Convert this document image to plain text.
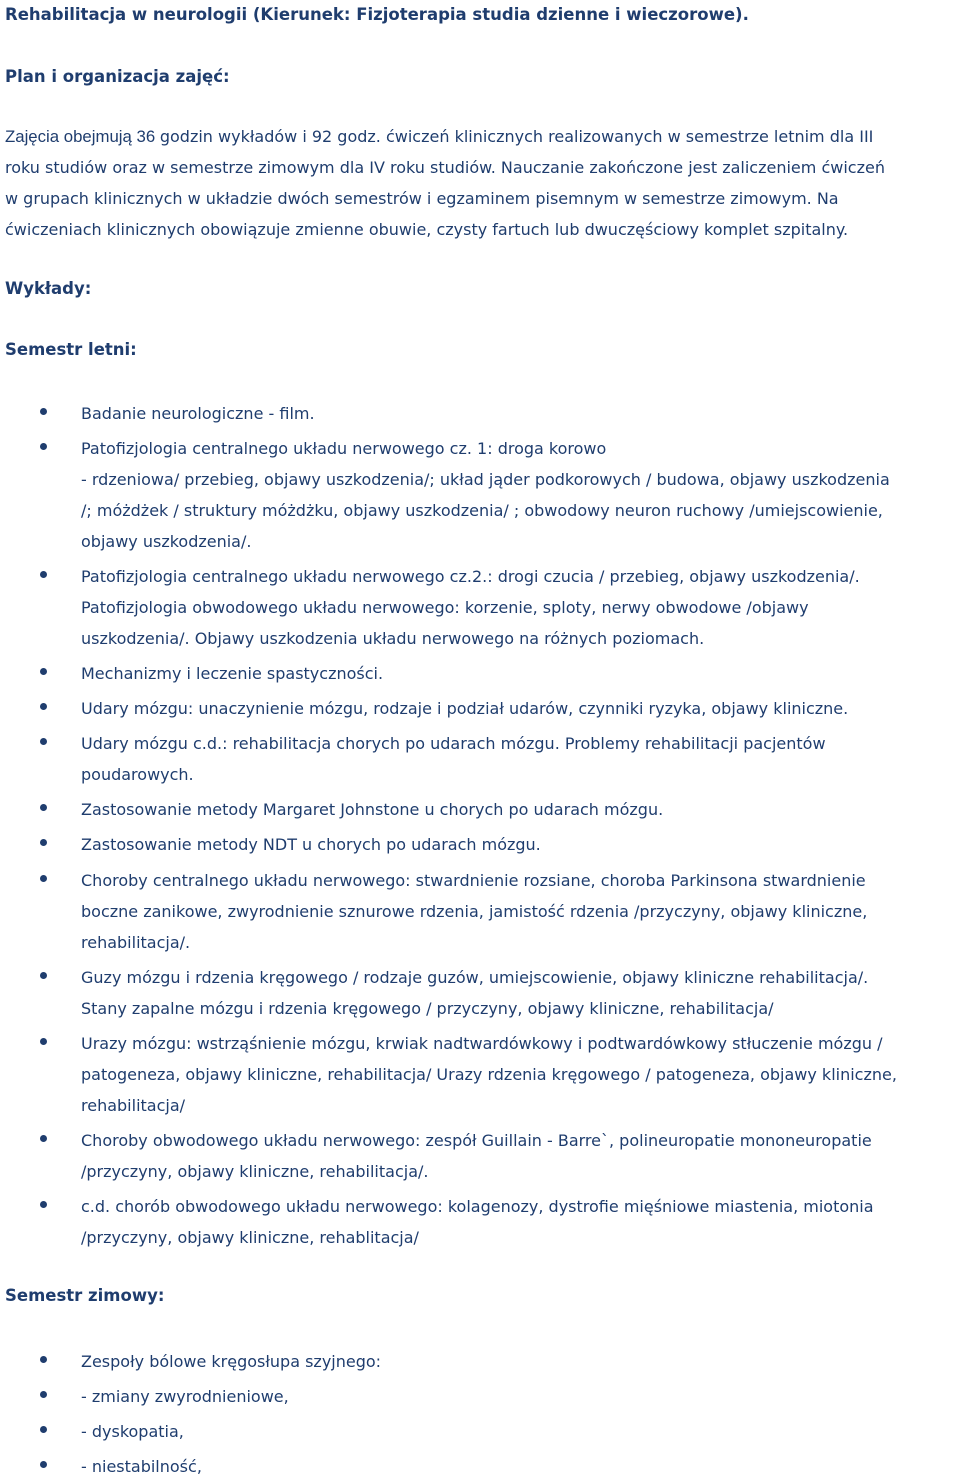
Rehabilitacja w neurologii (Kierunek: Fizjoterapia studia dzienne i wieczorowe).
Plan i organizacja zajęć:

Zajęcia obejmują 36 godzin wykładów i 92 godz. ćwiczeń klinicznych realizowanych w semestrze letnim dla III
roku studiów oraz w semestrze zimowym dla IV roku studiów. Nauczanie zakończone jest zaliczeniem ćwiczeń
w grupach klinicznych w układzie dwóch semestrów i egzaminem pisemnym w semestrze zimowym. Na
ćwiczeniach klinicznych obowiązuje zmienne obuwie, czysty fartuch lub dwuczęściowy komplet szpitalny.

Wykłady:
Semestr letni:
Badanie neurologiczne - film.
Patofizjologia centralnego układu nerwowego cz. 1: droga korowo
- rdzeniowa/ przebieg, objawy uszkodzenia/; układ jąder podkorowych / budowa, objawy uszkodzenia
/; móżdżek / struktury móżdżku, objawy uszkodzenia/ ; obwodowy neuron ruchowy /umiejscowienie,
objawy uszkodzenia/.
Patofizjologia centralnego układu nerwowego cz.2.: drogi czucia / przebieg, objawy uszkodzenia/.
Patofizjologia obwodowego układu nerwowego: korzenie, sploty, nerwy obwodowe /objawy
uszkodzenia/. Objawy uszkodzenia układu nerwowego na różnych poziomach.
Mechanizmy i leczenie spastyczności.
Udary mózgu: unaczynienie mózgu, rodzaje i podział udarów, czynniki ryzyka, objawy kliniczne.
Udary mózgu c.d.: rehabilitacja chorych po udarach mózgu. Problemy rehabilitacji pacjentów
poudarowych.
Zastosowanie metody Margaret Johnstone u chorych po udarach mózgu.
Zastosowanie metody NDT u chorych po udarach mózgu.
Choroby centralnego układu nerwowego: stwardnienie rozsiane, choroba Parkinsona stwardnienie
boczne zanikowe, zwyrodnienie sznurowe rdzenia, jamistość rdzenia /przyczyny, objawy kliniczne,
rehabilitacja/.
Guzy mózgu i rdzenia kręgowego / rodzaje guzów, umiejscowienie, objawy kliniczne rehabilitacja/.
Stany zapalne mózgu i rdzenia kręgowego / przyczyny, objawy kliniczne, rehabilitacja/
Urazy mózgu: wstrząśnienie mózgu, krwiak nadtwardówkowy i podtwardówkowy stłuczenie mózgu /
patogeneza, objawy kliniczne, rehabilitacja/ Urazy rdzenia kręgowego / patogeneza, objawy kliniczne,
rehabilitacja/
Choroby obwodowego układu nerwowego: zespół Guillain - Barre`, polineuropatie mononeuropatie
/przyczyny, objawy kliniczne, rehabilitacja/.
c.d. chorób obwodowego układu nerwowego: kolagenozy, dystrofie mięśniowe miastenia, miotonia
/przyczyny, objawy kliniczne, rehablitacja/
Semestr zimowy:
Zespoły bólowe kręgosłupa szyjnego:
- zmiany zwyrodnieniowe,
- dyskopatia,
- niestabilność,
